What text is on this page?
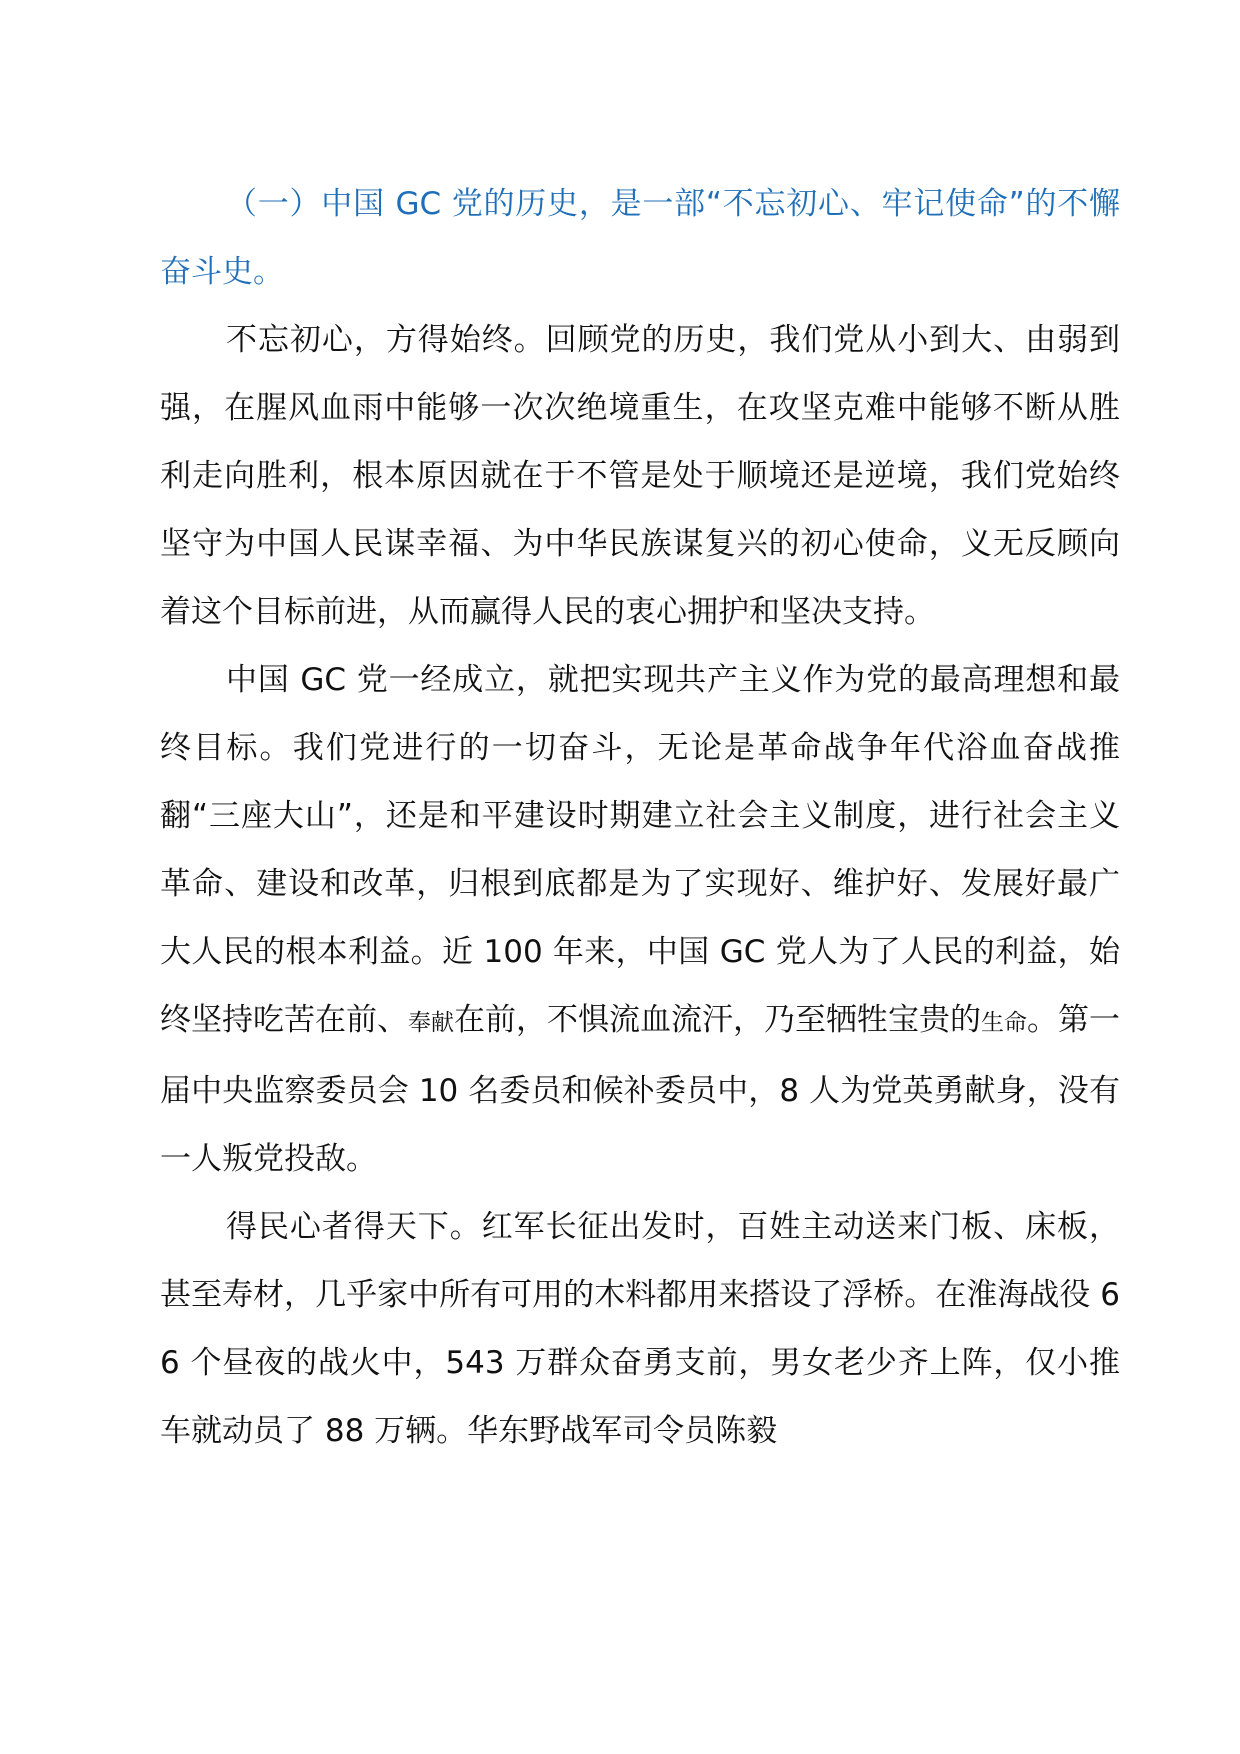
（一）中国 GC 党的历史，是一部“不忘初心、牢记使命”的不懈奋斗史。

不忘初心，方得始终。回顾党的历史，我们党从小到大、由弱到强，在腥风血雨中能够一次次绝境重生，在攻坚克难中能够不断从胜利走向胜利，根本原因就在于不管是处于顺境还是逆境，我们党始终坚守为中国人民谋幸福、为中华民族谋复兴的初心使命，义无反顾向着这个目标前进，从而赢得人民的衷心拥护和坚决支持。

中国 GC 党一经成立，就把实现共产主义作为党的最高理想和最终目标。我们党进行的一切奋斗，无论是革命战争年代浴血奋战推翻“三座大山”，还是和平建设时期建立社会主义制度，进行社会主义革命、建设和改革，归根到底都是为了实现好、维护好、发展好最广大人民的根本利益。近 100 年来，中国 GC 党人为了人民的利益，始终坚持吃苦在前、奉献在前，不惧流血流汗，乃至牺牲宝贵的生命。第一届中央监察委员会 10 名委员和候补委员中，8 人为党英勇献身，没有一人叛党投敌。

得民心者得天下。红军长征出发时，百姓主动送来门板、床板，甚至寿材，几乎家中所有可用的木料都用来搭设了浮桥。在淮海战役 66 个昼夜的战火中，543 万群众奋勇支前，男女老少齐上阵，仅小推车就动员了 88 万辆。华东野战军司令员陈毅
